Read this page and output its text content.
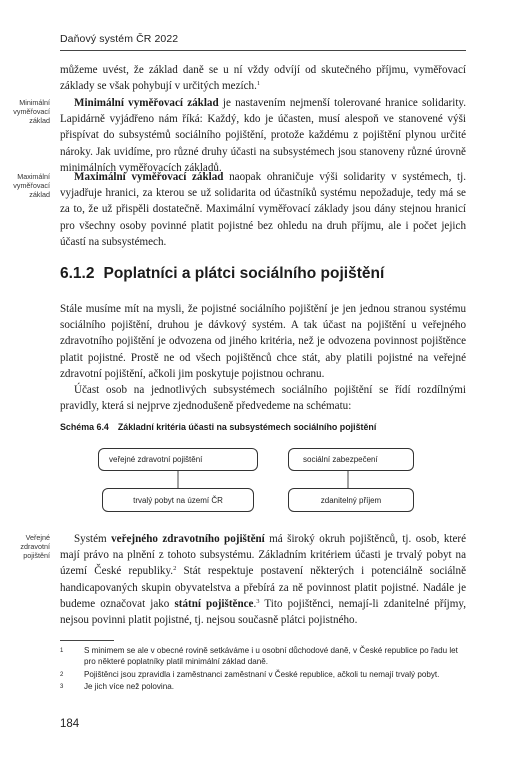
Daňový systém ČR 2022
můžeme uvést, že základ daně se u ní vždy odvíjí od skutečného příjmu, vyměřovací základy se však pohybují v určitých mezích.$^1$
Minimální
vyměřovací
základ
Minimální vyměřovací základ je nastavením nejmenší tolerované hranice solidarity. Lapidárně vyjádřeno nám říká: Každý, kdo je účasten, musí alespoň ve stanovené výši přispívat do subsystémů sociálního pojištění, protože každému z pojištění plynou určité nároky. Jak uvidíme, pro různé druhy účasti na subsystémech jsou stanoveny různé úrovně minimálních vyměřovacích základů.
Maximální
vyměřovací
základ
Maximální vyměřovací základ naopak ohraničuje výši solidarity v systémech, tj. vyjadřuje hranici, za kterou se už solidarita od účastníků systému nepožaduje, tedy má se za to, že už přispěli dostatečně. Maximální vyměřovací základy jsou dány stejnou hranicí pro všechny osoby povinné platit pojistné bez ohledu na druh příjmu, ale i počet jejich účastí na subsystémech.
6.1.2 Poplatníci a plátci sociálního pojištění
Stále musíme mít na mysli, že pojistné sociálního pojištění je jen jednou stranou systému sociálního pojištění, druhou je dávkový systém. A tak účast na pojištění u veřejného zdravotního pojištění je odvozena od jiného kritéria, než je odvozena povinnost pojištěnce platit pojistné. Prostě ne od všech pojištěnců chce stát, aby platili pojistné na veřejné zdravotní pojištění, ačkoli jim poskytuje pojistnou ochranu.
Účast osob na jednotlivých subsystémech sociálního pojištění se řídí rozdílnými pravidly, která si nejprve zjednodušeně předvedeme na schématu:
Schéma 6.4 Základní kritéria účasti na subsystémech sociálního pojištění
veřejné zdravotní pojištění	sociální zabezpečení
trvalý pobyt na území ČR	zdanitelný příjem
Veřejné
zdravotní
pojištění
Systém veřejného zdravotního pojištění má široký okruh pojištěnců, tj. osob, které mají právo na plnění z tohoto subsystému. Základním kritériem účasti je trvalý pobyt na území České republiky.$^2$ Stát respektuje postavení některých i potenciálně sociálně handicapovaných skupin obyvatelstva a přebírá za ně povinnost platit pojistné. Nadále je budeme označovat jako státní pojištěnce.$^3$ Tito pojištěnci, nemají-li zdanitelné příjmy, nejsou povinni platit pojistné, tj. nejsou současně plátci pojistného.
1	S minimem se ale v obecné rovině setkáváme i u osobní důchodové daně, v České republice po řadu let pro některé poplatníky platil minimální základ daně.
2	Pojištěnci jsou zpravidla i zaměstnanci zaměstnaní v České republice, ačkoli tu nemají trvalý pobyt.
3	Je jich více než polovina.
184
